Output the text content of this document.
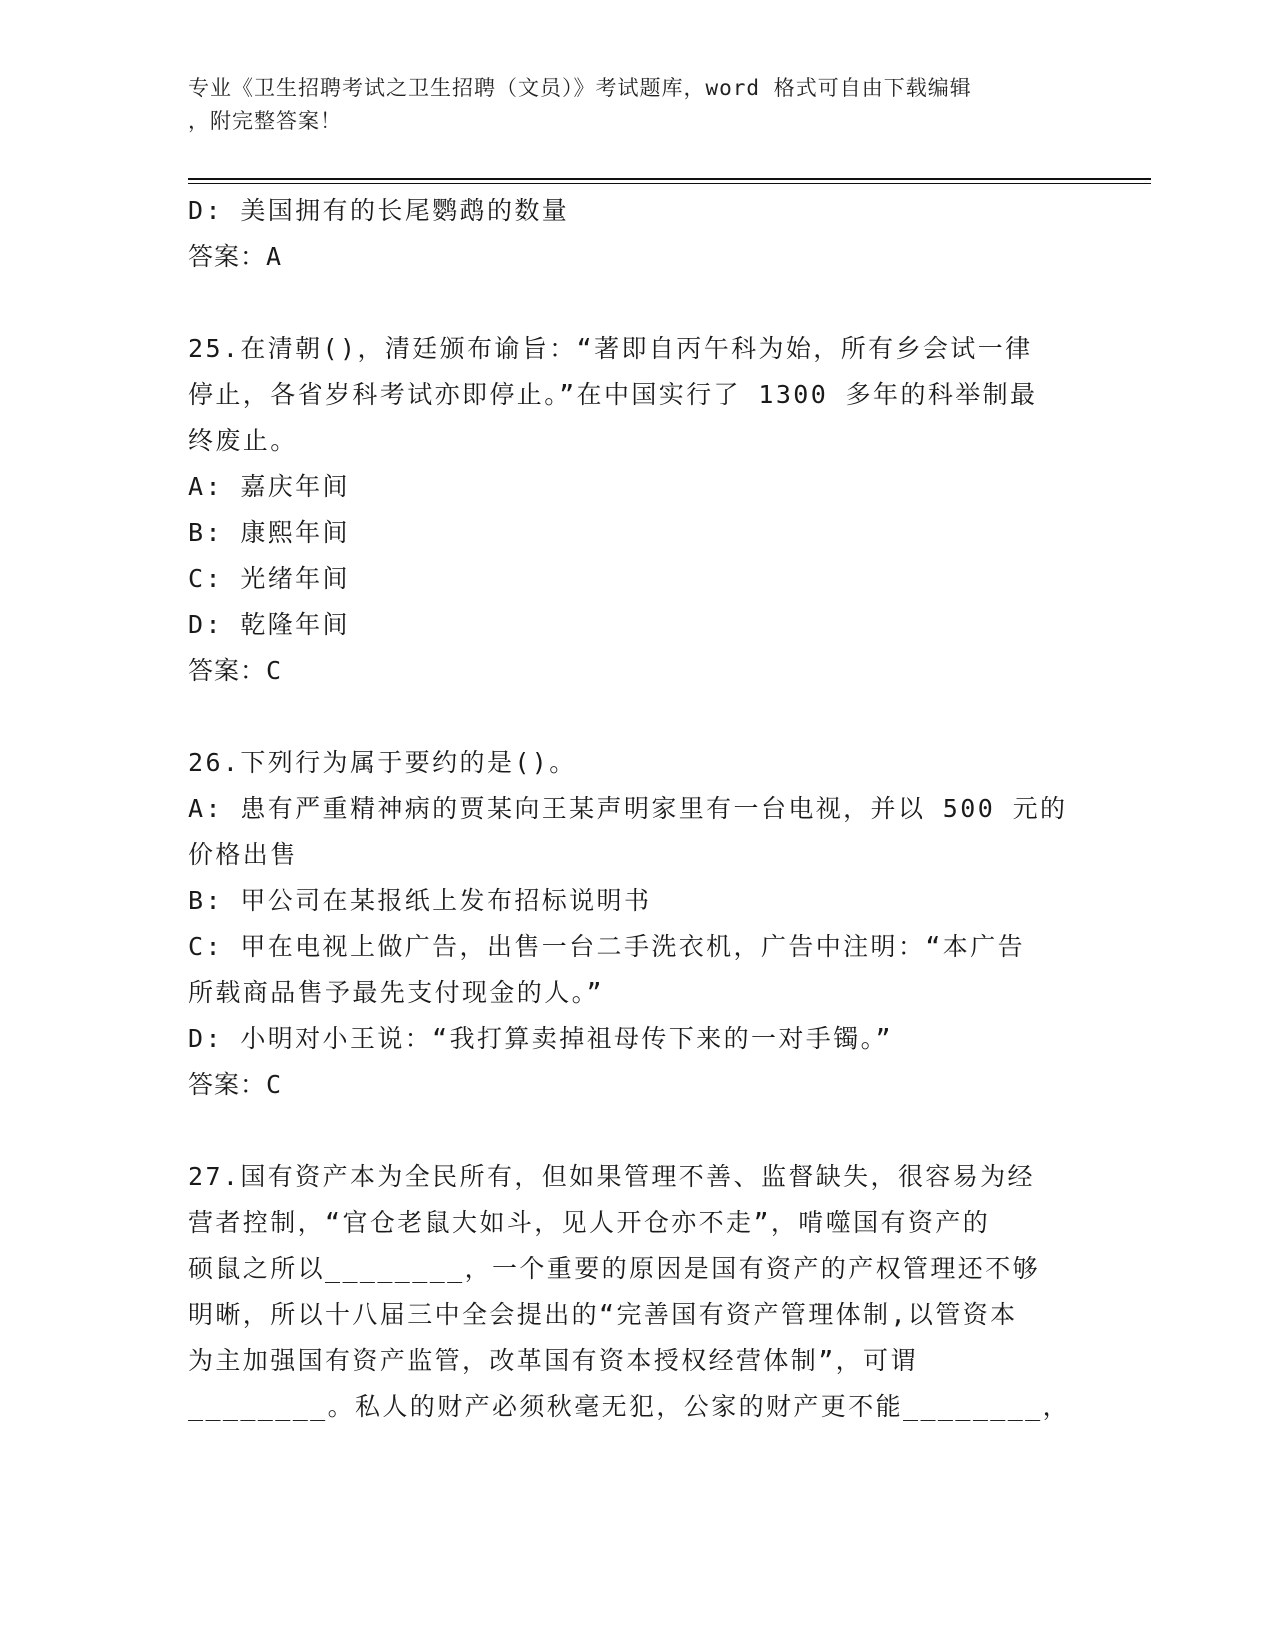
专业《卫生招聘考试之卫生招聘（文员）》考试题库，word 格式可自由下载编辑
，附完整答案！
D: 美国拥有的长尾鹦鹉的数量
答案：A
25.在清朝()，清廷颁布谕旨：“著即自丙午科为始，所有乡会试一律
停止，各省岁科考试亦即停止。”在中国实行了 1300 多年的科举制最
终废止。
A: 嘉庆年间
B: 康熙年间
C: 光绪年间
D: 乾隆年间
答案：C
26.下列行为属于要约的是()。
A: 患有严重精神病的贾某向王某声明家里有一台电视，并以 500 元的
价格出售
B: 甲公司在某报纸上发布招标说明书
C: 甲在电视上做广告，出售一台二手洗衣机，广告中注明：“本广告
所载商品售予最先支付现金的人。”
D: 小明对小王说：“我打算卖掉祖母传下来的一对手镯。”
答案：C
27.国有资产本为全民所有，但如果管理不善、监督缺失，很容易为经
营者控制，“官仓老鼠大如斗，见人开仓亦不走”，啃噬国有资产的
硕鼠之所以________，一个重要的原因是国有资产的产权管理还不够
明晰，所以十八届三中全会提出的“完善国有资产管理体制,以管资本
为主加强国有资产监管，改革国有资本授权经营体制”，可谓
________。私人的财产必须秋毫无犯，公家的财产更不能________，
